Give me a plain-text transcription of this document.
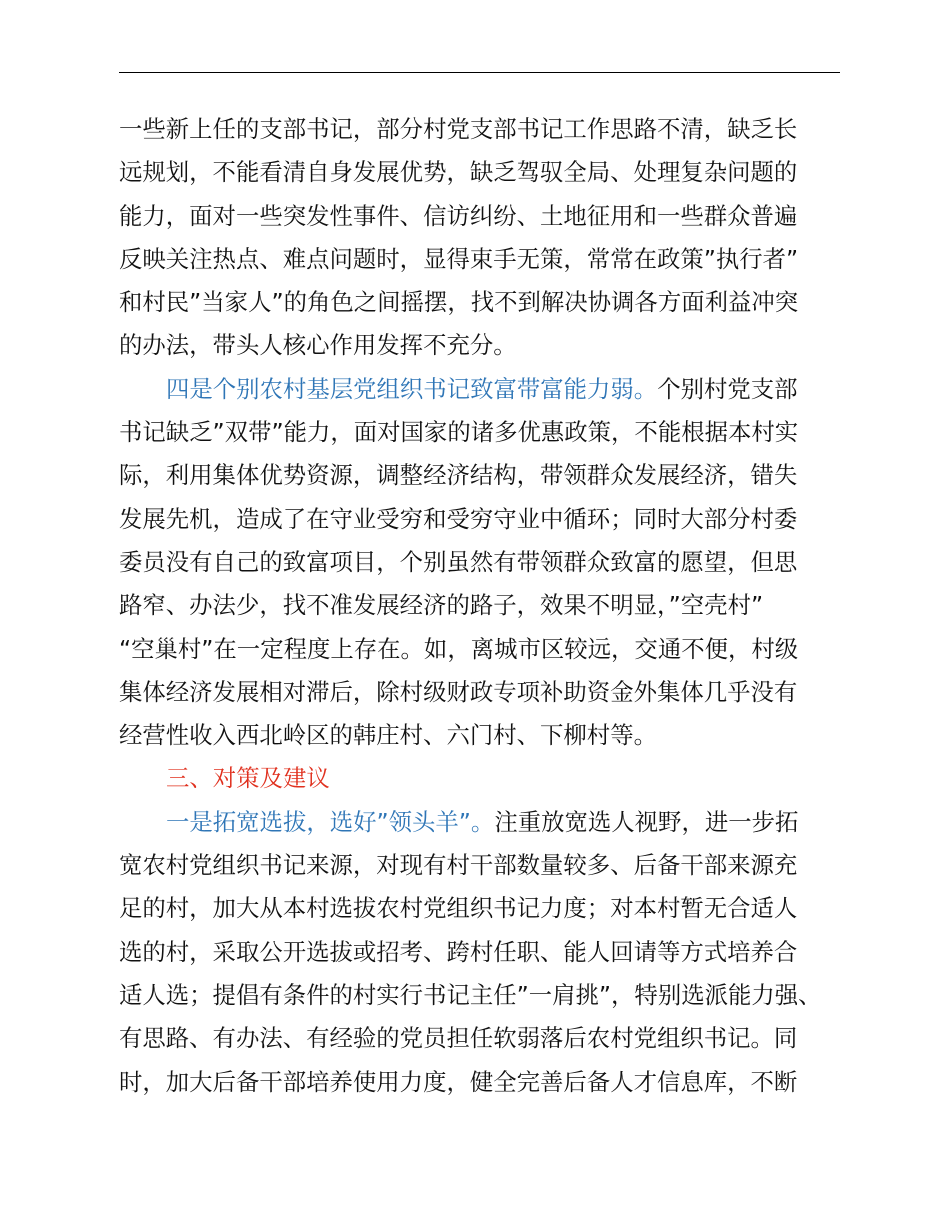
一些新上任的支部书记，部分村党支部书记工作思路不清，缺乏长
远规划，不能看清自身发展优势，缺乏驾驭全局、处理复杂问题的
能力，面对一些突发性事件、信访纠纷、土地征用和一些群众普遍
反映关注热点、难点问题时，显得束手无策，常常在政策”执行者”
和村民”当家人”的角色之间摇摆，找不到解决协调各方面利益冲突
的办法，带头人核心作用发挥不充分。
四是个别农村基层党组织书记致富带富能力弱。个别村党支部
书记缺乏”双带”能力，面对国家的诸多优惠政策，不能根据本村实
际，利用集体优势资源，调整经济结构，带领群众发展经济，错失
发展先机，造成了在守业受穷和受穷守业中循环；同时大部分村委
委员没有自己的致富项目，个别虽然有带领群众致富的愿望，但思
路窄、办法少，找不准发展经济的路子，效果不明显，”空壳村”
“空巢村”在一定程度上存在。如，离城市区较远，交通不便，村级
集体经济发展相对滞后，除村级财政专项补助资金外集体几乎没有
经营性收入西北岭区的韩庄村、六门村、下柳村等。
三、对策及建议
一是拓宽选拔，选好”领头羊”。注重放宽选人视野，进一步拓
宽农村党组织书记来源，对现有村干部数量较多、后备干部来源充
足的村，加大从本村选拔农村党组织书记力度；对本村暂无合适人
选的村，采取公开选拔或招考、跨村任职、能人回请等方式培养合
适人选；提倡有条件的村实行书记主任”一肩挑”，特别选派能力强、
有思路、有办法、有经验的党员担任软弱落后农村党组织书记。同
时，加大后备干部培养使用力度，健全完善后备人才信息库，不断
